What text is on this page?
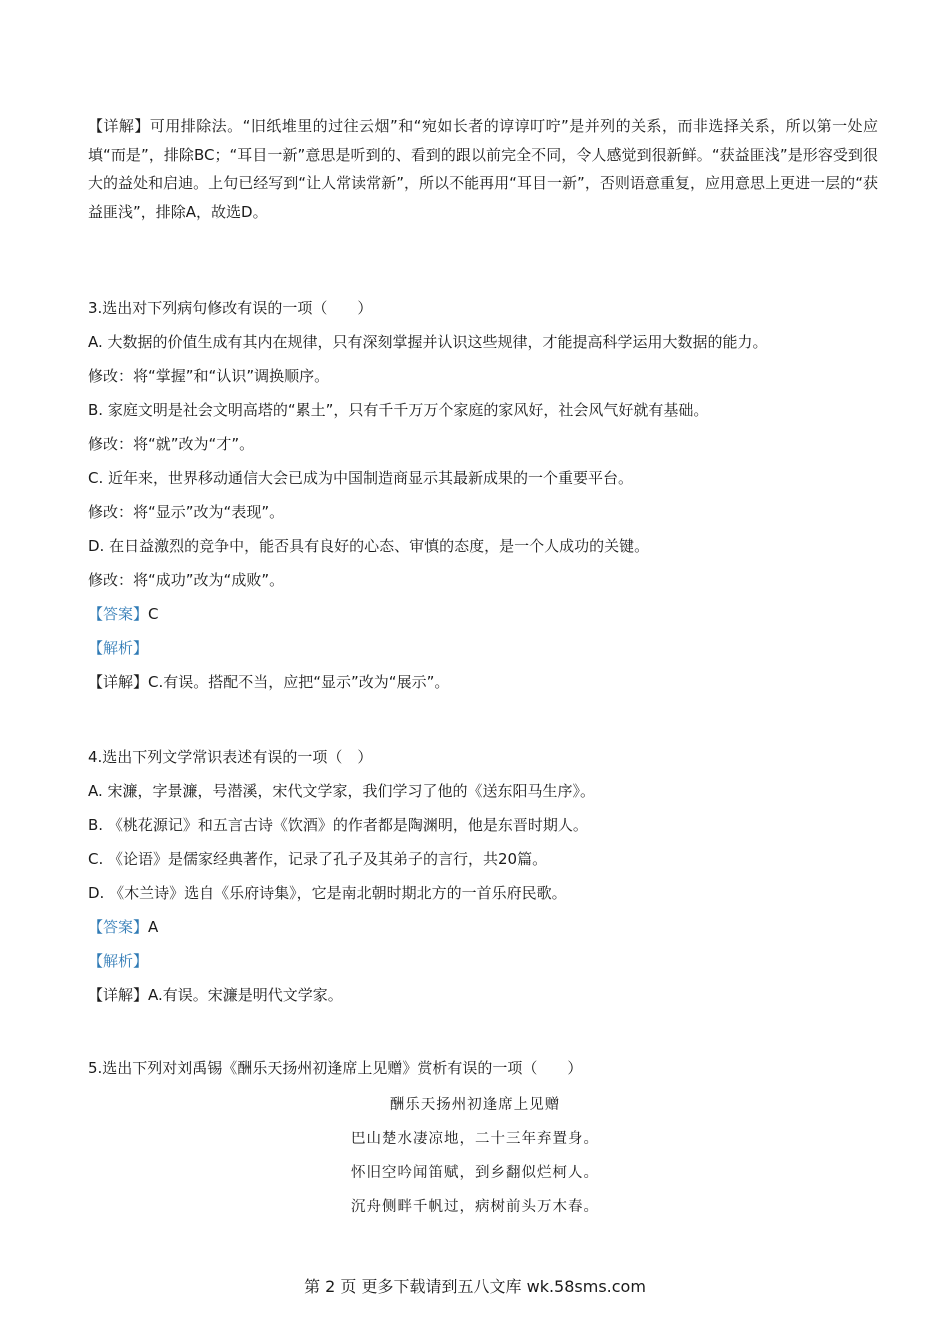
【详解】可用排除法。“旧纸堆里的过往云烟”和“宛如长者的谆谆叮咛”是并列的关系，而非选择关系，所以第一处应填“而是”，排除BC；“耳目一新”意思是听到的、看到的跟以前完全不同，令人感觉到很新鲜。“获益匪浅”是形容受到很大的益处和启迪。上句已经写到“让人常读常新”，所以不能再用“耳目一新”，否则语意重复，应用意思上更进一层的“获益匪浅”，排除A，故选D。

3.选出对下列病句修改有误的一项（　　）

A. 大数据的价值生成有其内在规律，只有深刻掌握并认识这些规律，才能提高科学运用大数据的能力。

修改：将“掌握”和“认识”调换顺序。

B. 家庭文明是社会文明高塔的“累土”，只有千千万万个家庭的家风好，社会风气好就有基础。

修改：将“就”改为“才”。

C. 近年来，世界移动通信大会已成为中国制造商显示其最新成果的一个重要平台。

修改：将“显示”改为“表现”。

D. 在日益激烈的竞争中，能否具有良好的心态、审慎的态度，是一个人成功的关键。

修改：将“成功”改为“成败”。

【答案】C

【解析】

【详解】C.有误。搭配不当，应把“显示”改为“展示”。

4.选出下列文学常识表述有误的一项（　）

A. 宋濂，字景濂，号潜溪，宋代文学家，我们学习了他的《送东阳马生序》。

B. 《桃花源记》和五言古诗《饮酒》的作者都是陶渊明，他是东晋时期人。

C. 《论语》是儒家经典著作，记录了孔子及其弟子的言行，共20篇。

D. 《木兰诗》选自《乐府诗集》，它是南北朝时期北方的一首乐府民歌。

【答案】A

【解析】

【详解】A.有误。宋濂是明代文学家。

5.选出下列对刘禹锡《酬乐天扬州初逢席上见赠》赏析有误的一项（　　）

酬乐天扬州初逢席上见赠
巴山楚水凄凉地，二十三年弃置身。
怀旧空吟闻笛赋，到乡翻似烂柯人。
沉舟侧畔千帆过，病树前头万木春。
第 2 页 更多下载请到五八文库 wk.58sms.com
